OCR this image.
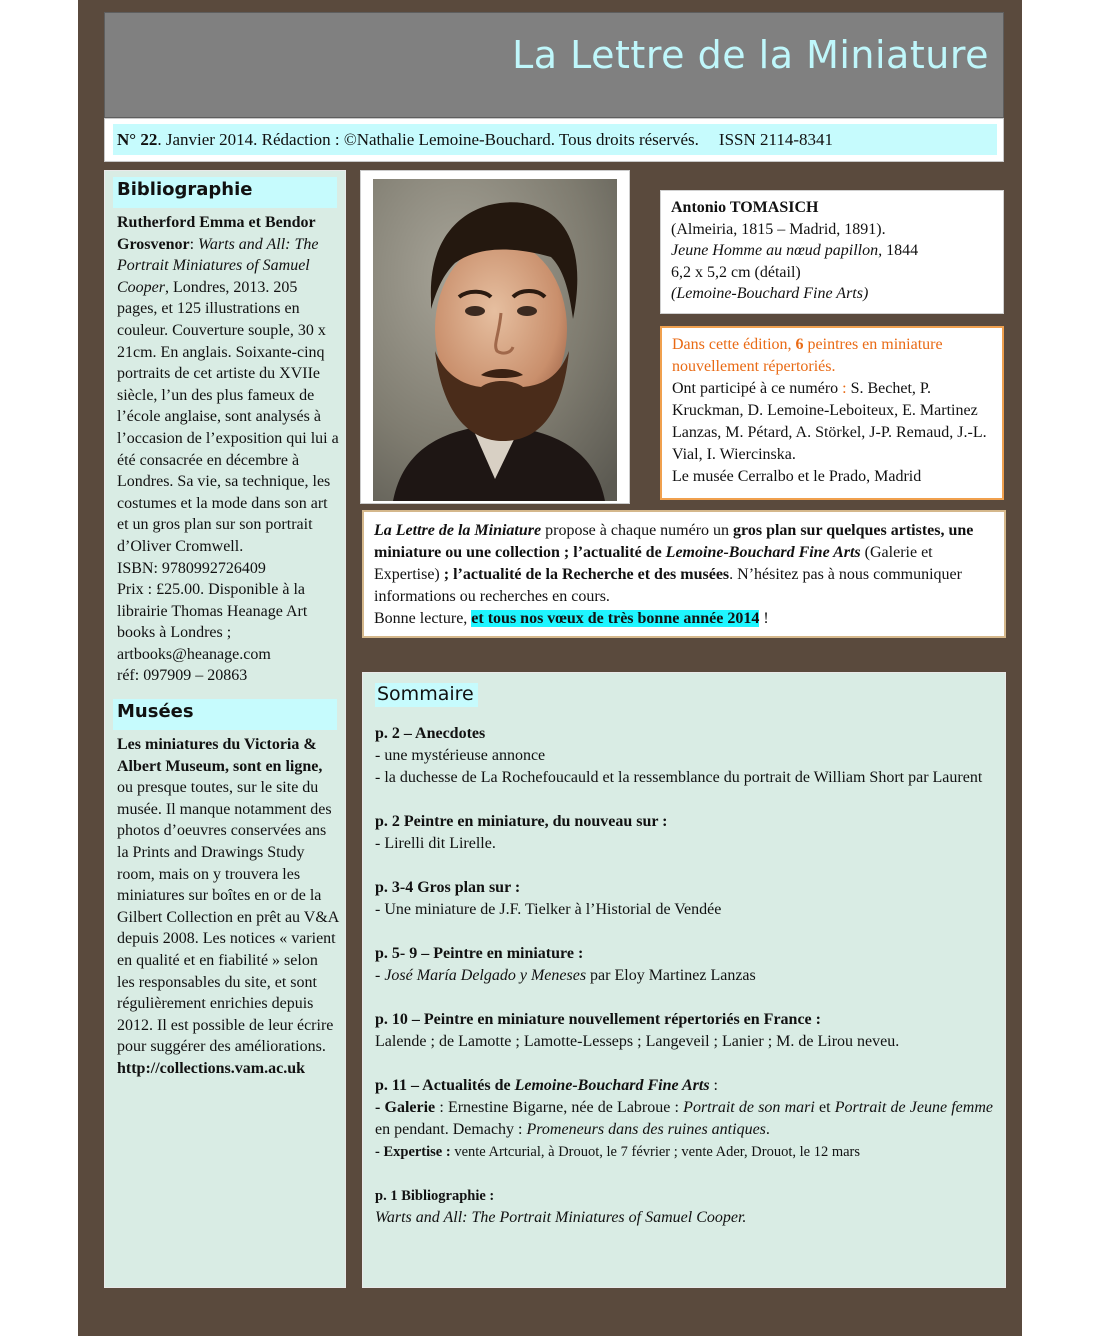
La Lettre de la Miniature
N° 22. Janvier 2014. Rédaction : ©Nathalie Lemoine-Bouchard. Tous droits réservés. ISSN 2114-8341
Bibliographie
Rutherford Emma et Bendor Grosvenor: Warts and All: The Portrait Miniatures of Samuel Cooper, Londres, 2013. 205 pages, et 125 illustrations en couleur. Couverture souple, 30 x 21cm. En anglais. Soixante-cinq portraits de cet artiste du XVIIe siècle, l’un des plus fameux de l’école anglaise, sont analysés à l’occasion de l’exposition qui lui a été consacrée en décembre à Londres. Sa vie, sa technique, les costumes et la mode dans son art et un gros plan sur son portrait d’Oliver Cromwell.
ISBN: 9780992726409
Prix : £25.00. Disponible à la librairie Thomas Heanage Art books à Londres ;
artbooks@heanage.com
réf: 097909 – 20863
Musées
Les miniatures du Victoria & Albert Museum, sont en ligne, ou presque toutes, sur le site du musée. Il manque notamment des photos d’oeuvres conservées ans la Prints and Drawings Study room, mais on y trouvera les miniatures sur boîtes en or de la Gilbert Collection en prêt au V&A depuis 2008. Les notices « varient en qualité et en fiabilité » selon les responsables du site, et sont régulièrement enrichies depuis 2012. Il est possible de leur écrire pour suggérer des améliorations.
http://collections.vam.ac.uk
Antonio TOMASICH
(Almeiria, 1815 – Madrid, 1891).
Jeune Homme au nœud papillon, 1844
6,2 x 5,2 cm (détail)
(Lemoine-Bouchard Fine Arts)
Dans cette édition, 6 peintres en miniature nouvellement répertoriés.
Ont participé à ce numéro : S. Bechet, P. Kruckman, D. Lemoine-Leboiteux, E. Martinez Lanzas, M. Pétard, A. Störkel, J-P. Remaud, J.-L. Vial, I. Wiercinska.
Le musée Cerralbo et le Prado, Madrid
La Lettre de la Miniature propose à chaque numéro un gros plan sur quelques artistes, une miniature ou une collection ; l’actualité de Lemoine-Bouchard Fine Arts (Galerie et Expertise) ; l’actualité de la Recherche et des musées. N’hésitez pas à nous communiquer informations ou recherches en cours.
Bonne lecture, et tous nos vœux de très bonne année 2014 !
Sommaire
p. 2 – Anecdotes
- une mystérieuse annonce

- la duchesse de La Rochefoucauld et la ressemblance du portrait de William Short par Laurent
p. 2 Peintre en miniature, du nouveau sur :
- Lirelli dit Lirelle.
p. 3-4 Gros plan sur :
- Une miniature de J.F. Tielker à l’Historial de Vendée
p. 5- 9 – Peintre en miniature :
- José María Delgado y Meneses par Eloy Martinez Lanzas
p. 10 – Peintre en miniature nouvellement répertoriés en France :
Lalende ; de Lamotte ; Lamotte-Lesseps ; Langeveil ; Lanier ; M. de Lirou neveu.
p. 11 – Actualités de Lemoine-Bouchard Fine Arts :

- Galerie : Ernestine Bigarne, née de Labroue : Portrait de son mari et Portrait de Jeune femme en pendant. Demachy : Promeneurs dans des ruines antiques.
- Expertise : vente Artcurial, à Drouot, le 7 février ; vente Ader, Drouot, le 12 mars
p. 1 Bibliographie :
Warts and All: The Portrait Miniatures of Samuel Cooper.
